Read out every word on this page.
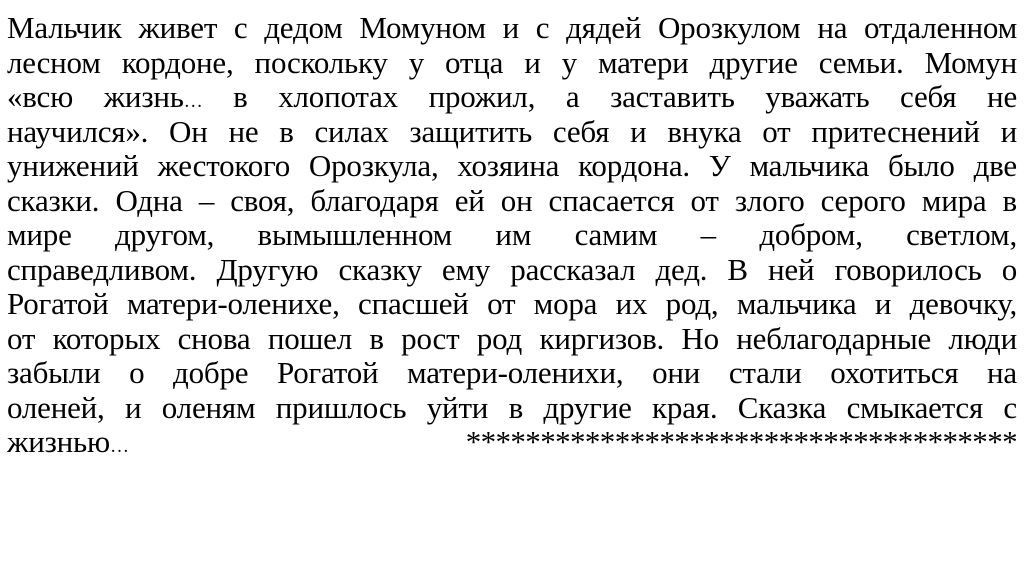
Мальчик живет с дедом Момуном и с дядей Орозкулом на отдаленном
лесном кордоне, поскольку у отца и у матери другие семьи. Момун
«всю жизнь… в хлопотах прожил, а заставить уважать себя не
научился». Он не в силах защитить себя и внука от притеснений и
унижений жестокого Орозкула, хозяина кордона. У мальчика было две
сказки. Одна – своя, благодаря ей он спасается от злого серого мира в
мире другом, вымышленном им самим – добром, светлом,
справедливом. Другую сказку ему рассказал дед. В ней говорилось о
Рогатой матери-оленихе, спасшей от мора их род, мальчика и девочку,
от которых снова пошел в рост род киргизов. Но неблагодарные люди
забыли о добре Рогатой матери-оленихи, они стали охотиться на
оленей, и оленям пришлось уйти в другие края. Сказка смыкается с
жизнью…	*************************************
